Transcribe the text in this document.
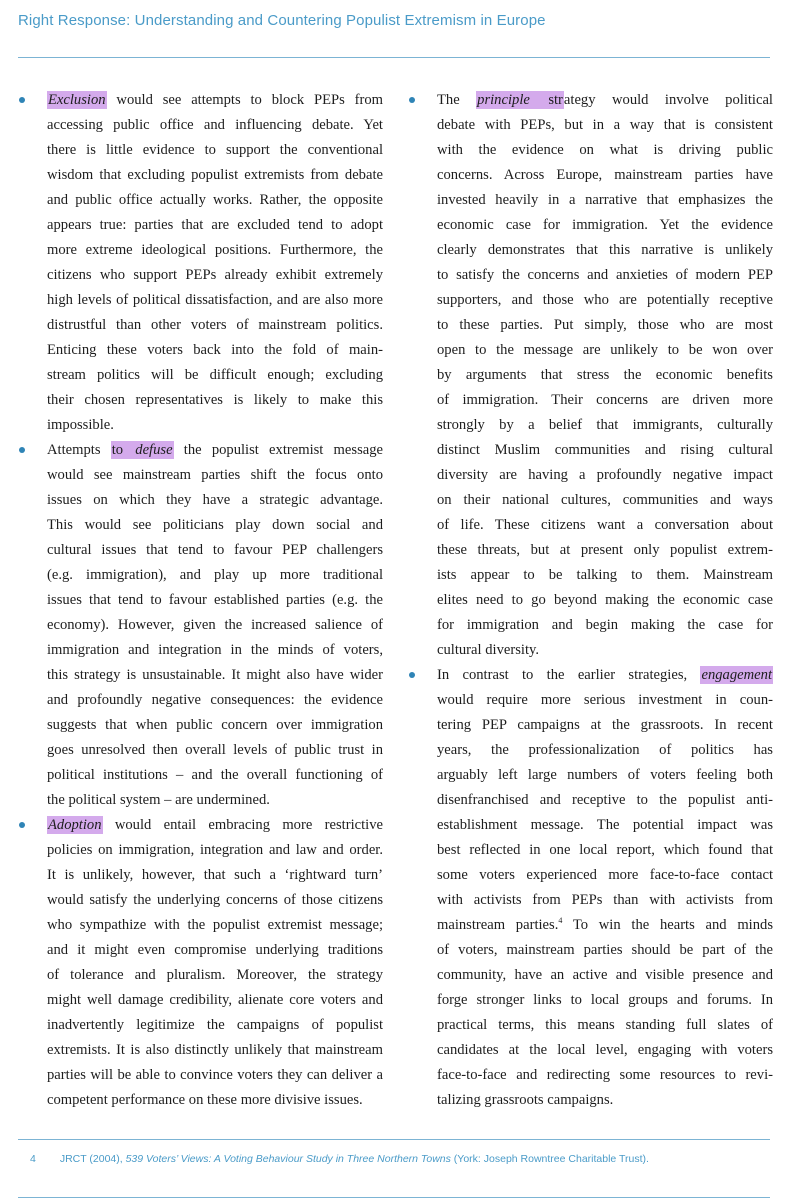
Right Response: Understanding and Countering Populist Extremism in Europe
Exclusion would see attempts to block PEPs from
accessing public office and influencing debate. Yet
there is little evidence to support the conventional
wisdom that excluding populist extremists from debate
and public office actually works. Rather, the opposite
appears true: parties that are excluded tend to adopt
more extreme ideological positions. Furthermore, the
citizens who support PEPs already exhibit extremely
high levels of political dissatisfaction, and are also more
distrustful than other voters of mainstream politics.
Enticing these voters back into the fold of main-
stream politics will be difficult enough; excluding
their chosen representatives is likely to make this
impossible.
Attempts to defuse the populist extremist message
would see mainstream parties shift the focus onto
issues on which they have a strategic advantage.
This would see politicians play down social and
cultural issues that tend to favour PEP challengers
(e.g. immigration), and play up more traditional
issues that tend to favour established parties (e.g. the
economy). However, given the increased salience of
immigration and integration in the minds of voters,
this strategy is unsustainable. It might also have wider
and profoundly negative consequences: the evidence
suggests that when public concern over immigration
goes unresolved then overall levels of public trust in
political institutions – and the overall functioning of
the political system – are undermined.
Adoption would entail embracing more restrictive
policies on immigration, integration and law and order.
It is unlikely, however, that such a ‘rightward turn’
would satisfy the underlying concerns of those citizens
who sympathize with the populist extremist message;
and it might even compromise underlying traditions
of tolerance and pluralism. Moreover, the strategy
might well damage credibility, alienate core voters and
inadvertently legitimize the campaigns of populist
extremists. It is also distinctly unlikely that mainstream
parties will be able to convince voters they can deliver a
competent performance on these more divisive issues.
The principle strategy would involve political
debate with PEPs, but in a way that is consistent
with the evidence on what is driving public
concerns. Across Europe, mainstream parties have
invested heavily in a narrative that emphasizes the
economic case for immigration. Yet the evidence
clearly demonstrates that this narrative is unlikely
to satisfy the concerns and anxieties of modern PEP
supporters, and those who are potentially receptive
to these parties. Put simply, those who are most
open to the message are unlikely to be won over
by arguments that stress the economic benefits
of immigration. Their concerns are driven more
strongly by a belief that immigrants, culturally
distinct Muslim communities and rising cultural
diversity are having a profoundly negative impact
on their national cultures, communities and ways
of life. These citizens want a conversation about
these threats, but at present only populist extrem-
ists appear to be talking to them. Mainstream
elites need to go beyond making the economic case
for immigration and begin making the case for
cultural diversity.
In contrast to the earlier strategies, engagement
would require more serious investment in coun-
tering PEP campaigns at the grassroots. In recent
years, the professionalization of politics has
arguably left large numbers of voters feeling both
disenfranchised and receptive to the populist anti-
establishment message. The potential impact was
best reflected in one local report, which found that
some voters experienced more face-to-face contact
with activists from PEPs than with activists from
mainstream parties.$^4$ To win the hearts and minds
of voters, mainstream parties should be part of the
community, have an active and visible presence and
forge stronger links to local groups and forums. In
practical terms, this means standing full slates of
candidates at the local level, engaging with voters
face-to-face and redirecting some resources to revi-
talizing grassroots campaigns.
4 JRCT (2004), 539 Voters’ Views: A Voting Behaviour Study in Three Northern Towns (York: Joseph Rowntree Charitable Trust).
